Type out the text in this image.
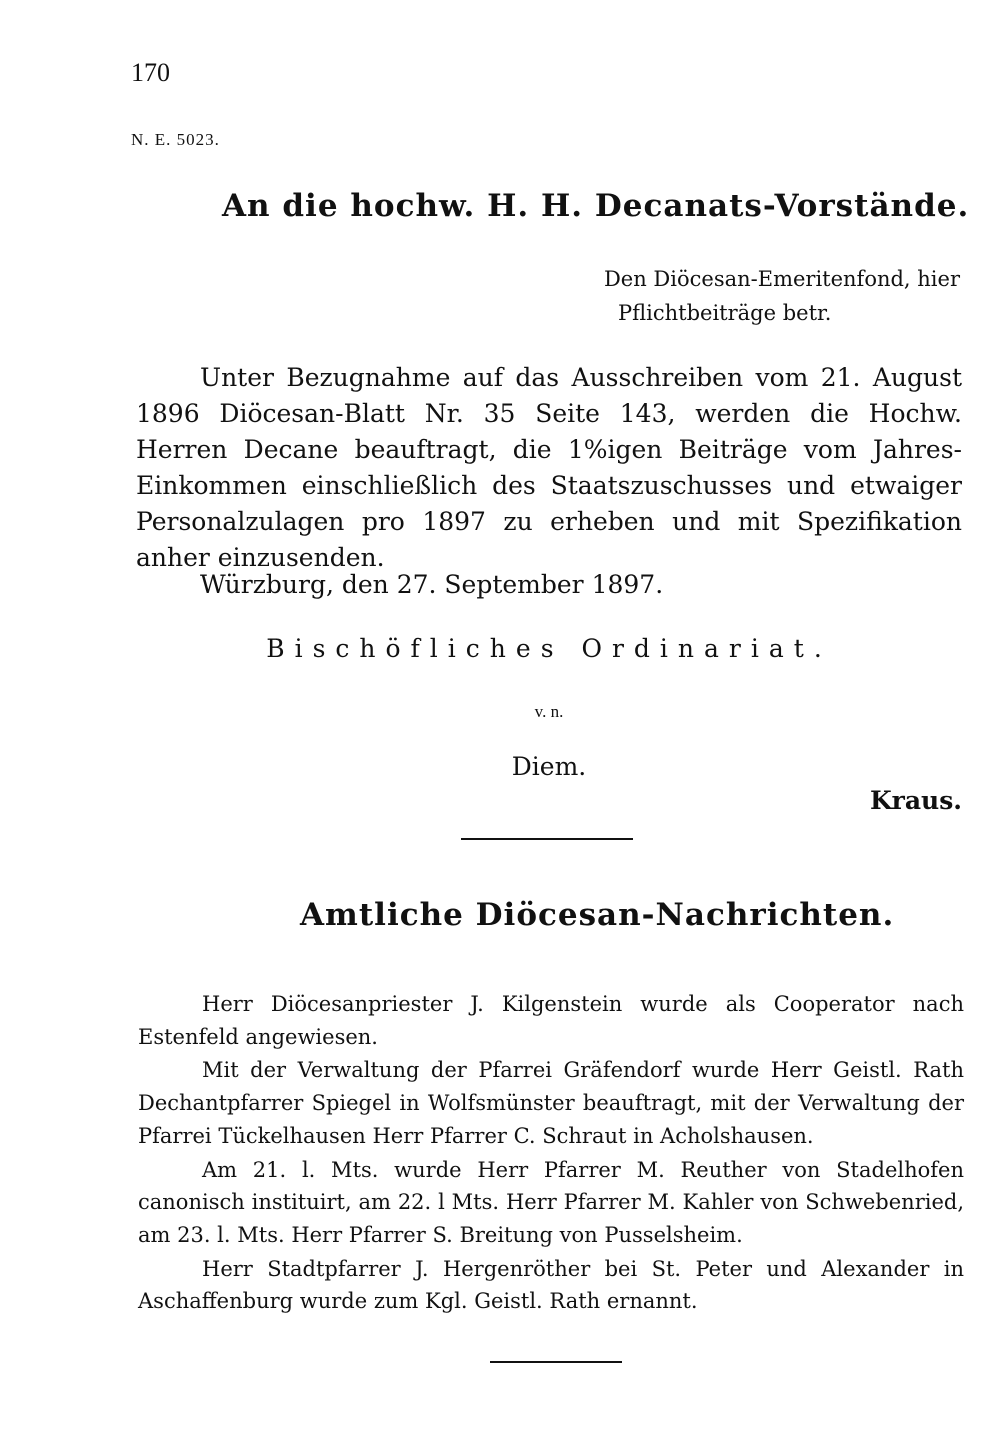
170
N. E. 5023.
An die hochw. H. H. Decanats-Vorstände.
Den Diöcesan-Emeritenfond, hier
Pflichtbeiträge betr.

Unter Bezugnahme auf das Ausschreiben vom 21. August 1896 Diöcesan-Blatt Nr. 35 Seite 143, werden die Hochw. Herren Decane beauftragt, die 1%igen Beiträge vom Jahres-Einkommen einschließlich des Staatszuschusses und etwaiger Personalzulagen pro 1897 zu erheben und mit Spezifikation anher einzusenden.

Würzburg, den 27. September 1897.
Bischöfliches Ordinariat.
v. n.
Diem.
Kraus.
Amtliche Diöcesan-Nachrichten.

Herr Diöcesanpriester J. Kilgenstein wurde als Cooperator nach Estenfeld angewiesen.

Mit der Verwaltung der Pfarrei Gräfendorf wurde Herr Geistl. Rath Dechantpfarrer Spiegel in Wolfsmünster beauftragt, mit der Verwaltung der Pfarrei Tückelhausen Herr Pfarrer C. Schraut in Acholshausen.

Am 21. l. Mts. wurde Herr Pfarrer M. Reuther von Stadelhofen canonisch instituirt, am 22. l Mts. Herr Pfarrer M. Kahler von Schwebenried, am 23. l. Mts. Herr Pfarrer S. Breitung von Pusselsheim.

Herr Stadtpfarrer J. Hergenröther bei St. Peter und Alexander in Aschaffenburg wurde zum Kgl. Geistl. Rath ernannt.
